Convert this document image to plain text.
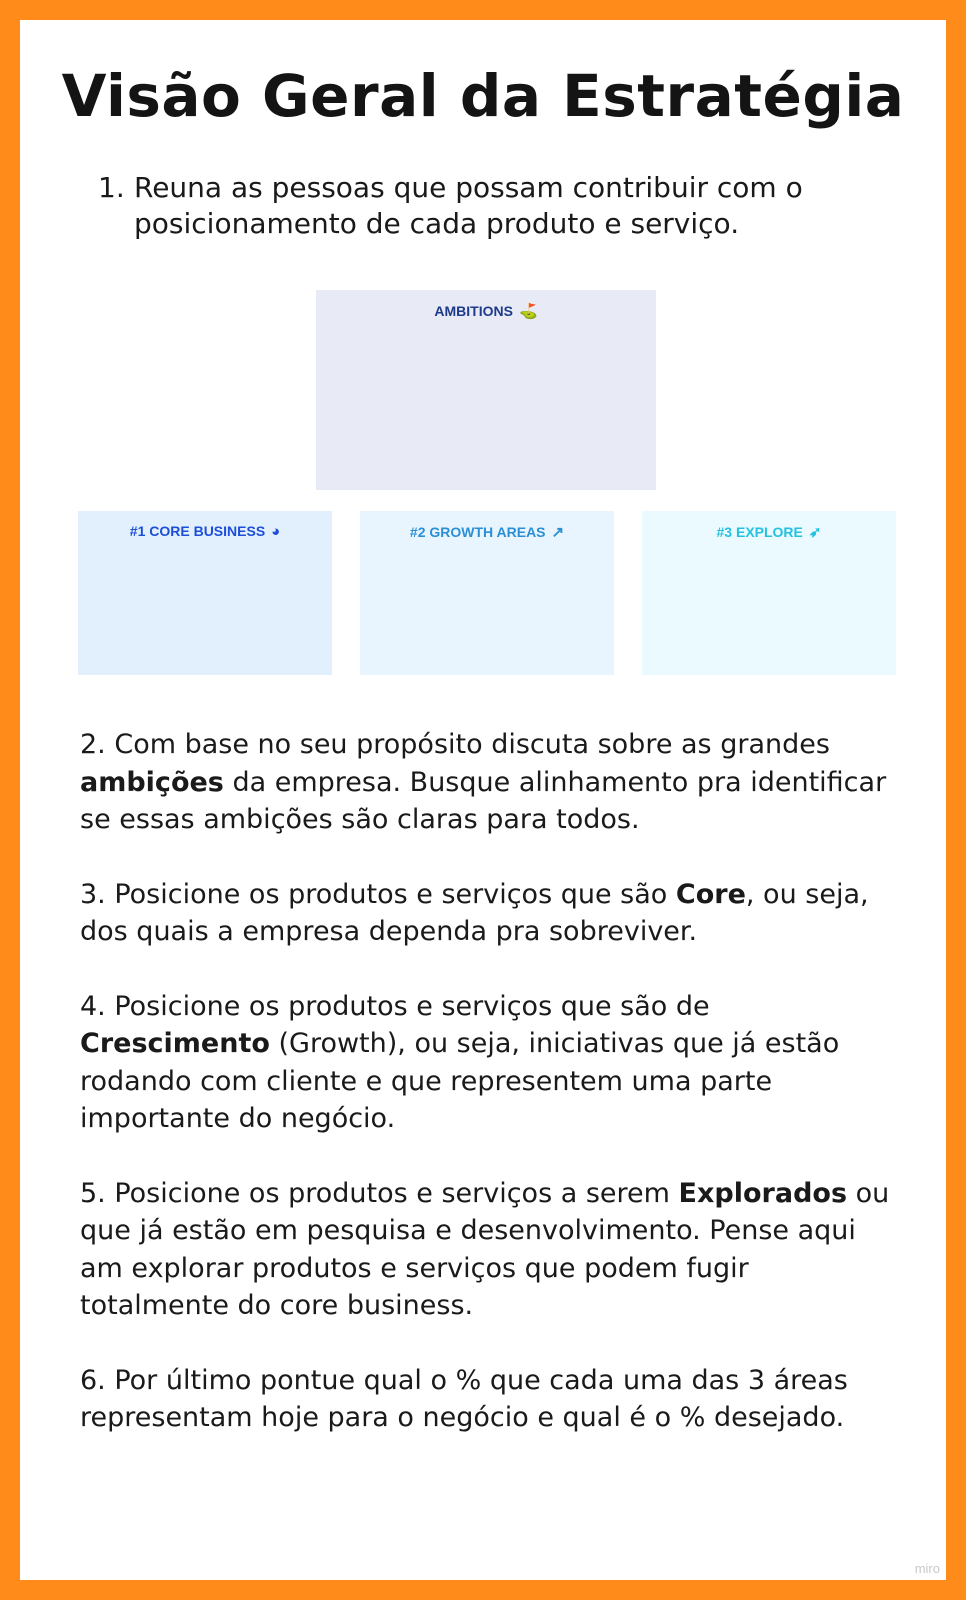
Visão Geral da Estratégia
1. Reuna as pessoas que possam contribuir com o posicionamento de cada produto e serviço.
AMBITIONS ⛳
#1 CORE BUSINESS ◕	#2 GROWTH AREAS ↗	#3 EXPLORE ➶

2. Com base no seu propósito discuta sobre as grandes ambições da empresa. Busque alinhamento pra identificar se essas ambições são claras para todos.

3. Posicione os produtos e serviços que são Core, ou seja, dos quais a empresa dependa pra sobreviver.

4. Posicione os produtos e serviços que são de Crescimento (Growth), ou seja, iniciativas que já estão rodando com cliente e que representem uma parte importante do negócio.

5. Posicione os produtos e serviços a serem Explorados ou que já estão em pesquisa e desenvolvimento. Pense aqui am explorar produtos e serviços que podem fugir totalmente do core business.

6. Por último pontue qual o % que cada uma das 3 áreas representam hoje para o negócio e qual é o % desejado.

miro
